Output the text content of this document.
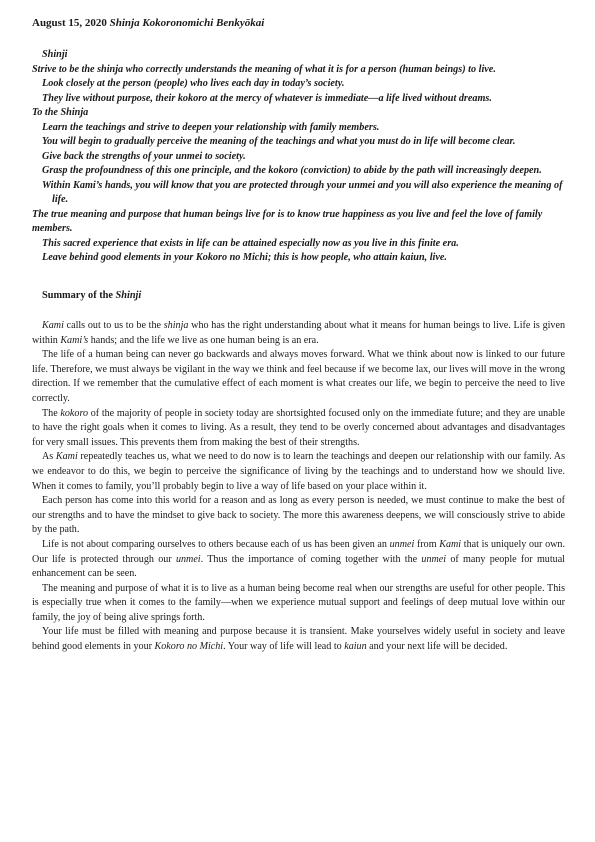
August 15, 2020 Shinja Kokoronomichi Benkyōkai

Shinji

Strive to be the shinja who correctly understands the meaning of what it is for a person (human beings) to live.

Look closely at the person (people) who lives each day in today’s society.

They live without purpose, their kokoro at the mercy of whatever is immediate—a life lived without dreams.

To the Shinja

Learn the teachings and strive to deepen your relationship with family members.

You will begin to gradually perceive the meaning of the teachings and what you must do in life will become clear.

Give back the strengths of your unmei to society.

Grasp the profoundness of this one principle, and the kokoro (conviction) to abide by the path will increasingly deepen.

Within Kami’s hands, you will know that you are protected through your unmei and you will also experience the meaning of life.

The true meaning and purpose that human beings live for is to know true happiness as you live and feel the love of family members.

This sacred experience that exists in life can be attained especially now as you live in this finite era.

Leave behind good elements in your Kokoro no Michi; this is how people, who attain kaiun, live.

Summary of the Shinji

Kami calls out to us to be the shinja who has the right understanding about what it means for human beings to live. Life is given within Kami’s hands; and the life we live as one human being is an era.

The life of a human being can never go backwards and always moves forward. What we think about now is linked to our future life. Therefore, we must always be vigilant in the way we think and feel because if we become lax, our lives will move in the wrong direction. If we remember that the cumulative effect of each moment is what creates our life, we begin to perceive the need to live correctly.

The kokoro of the majority of people in society today are shortsighted focused only on the immediate future; and they are unable to have the right goals when it comes to living. As a result, they tend to be overly concerned about advantages and disadvantages for very small issues. This prevents them from making the best of their strengths.

As Kami repeatedly teaches us, what we need to do now is to learn the teachings and deepen our relationship with our family. As we endeavor to do this, we begin to perceive the significance of living by the teachings and to understand how we should live. When it comes to family, you’ll probably begin to live a way of life based on your place within it.

Each person has come into this world for a reason and as long as every person is needed, we must continue to make the best of our strengths and to have the mindset to give back to society. The more this awareness deepens, we will consciously strive to abide by the path.

Life is not about comparing ourselves to others because each of us has been given an unmei from Kami that is uniquely our own. Our life is protected through our unmei. Thus the importance of coming together with the unmei of many people for mutual enhancement can be seen.

The meaning and purpose of what it is to live as a human being become real when our strengths are useful for other people. This is especially true when it comes to the family—when we experience mutual support and feelings of deep mutual love within our family, the joy of being alive springs forth.

Your life must be filled with meaning and purpose because it is transient. Make yourselves widely useful in society and leave behind good elements in your Kokoro no Michi. Your way of life will lead to kaiun and your next life will be decided.
